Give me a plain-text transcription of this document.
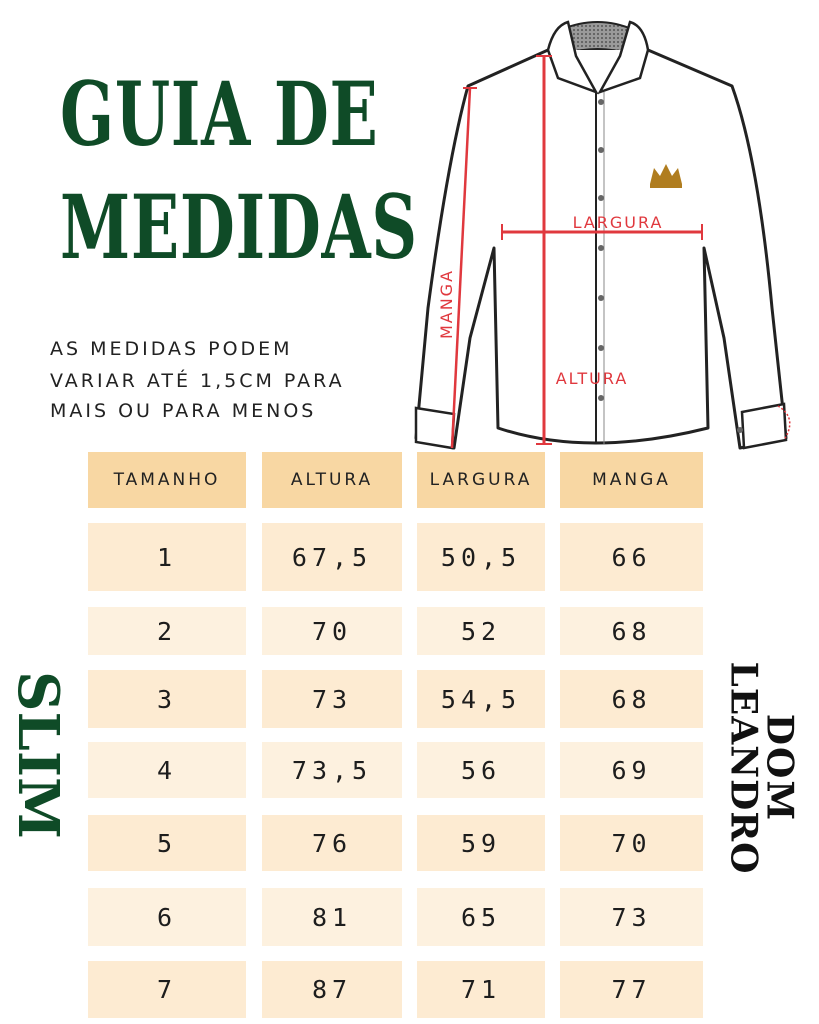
GUIA DE
MEDIDAS
AS MEDIDAS PODEM
VARIAR ATÉ 1,5CM PARA
MAIS OU PARA MENOS
LARGURA
ALTURA
MANGA
TAMANHO	ALTURA	LARGURA	MANGA
1	67,5	50,5	66
2	70	52	68
3	73	54,5	68
4	73,5	56	69
5	76	59	70
6	81	65	73
7	87	71	77
SLIM	DOM
LEANDRO
